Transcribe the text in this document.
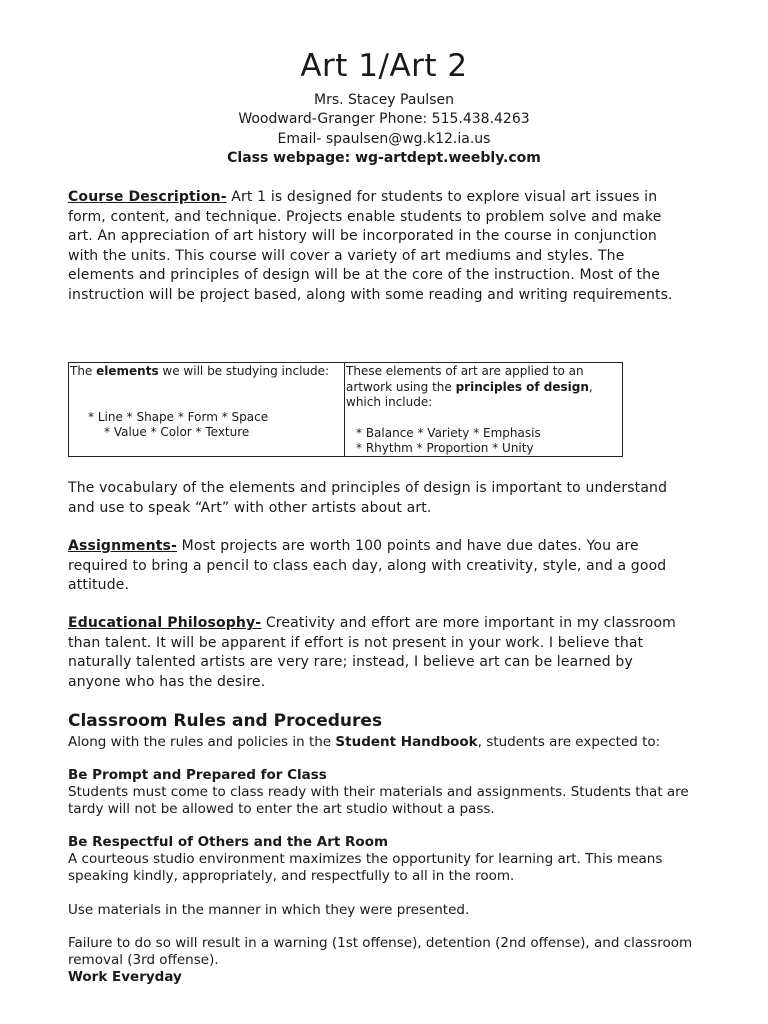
Art 1/Art 2
Mrs. Stacey Paulsen
Woodward-Granger Phone: 515.438.4263
Email- spaulsen@wg.k12.ia.us
Class webpage: wg-artdept.weebly.com

Course Description- Art 1 is designed for students to explore visual art issues in form, content, and technique. Projects enable students to problem solve and make art. An appreciation of art history will be incorporated in the course in conjunction with the units. This course will cover a variety of art mediums and styles. The elements and principles of design will be at the core of the instruction. Most of the instruction will be project based, along with some reading and writing requirements.

The elements we will be studying include:
* Line * Shape * Form * Space
* Value * Color * Texture
These elements of art are applied to an artwork using the principles of design, which include:
* Balance * Variety * Emphasis
* Rhythm * Proportion * Unity

The vocabulary of the elements and principles of design is important to understand and use to speak “Art” with other artists about art.

Assignments- Most projects are worth 100 points and have due dates. You are required to bring a pencil to class each day, along with creativity, style, and a good attitude.

Educational Philosophy- Creativity and effort are more important in my classroom than talent. It will be apparent if effort is not present in your work. I believe that naturally talented artists are very rare; instead, I believe art can be learned by anyone who has the desire.

Classroom Rules and Procedures

Along with the rules and policies in the Student Handbook, students are expected to:

Be Prompt and Prepared for Class

Students must come to class ready with their materials and assignments. Students that are tardy will not be allowed to enter the art studio without a pass.

Be Respectful of Others and the Art Room

A courteous studio environment maximizes the opportunity for learning art. This means speaking kindly, appropriately, and respectfully to all in the room.

Use materials in the manner in which they were presented.

Failure to do so will result in a warning (1st offense), detention (2nd offense), and classroom removal (3rd offense).

Work Everyday
